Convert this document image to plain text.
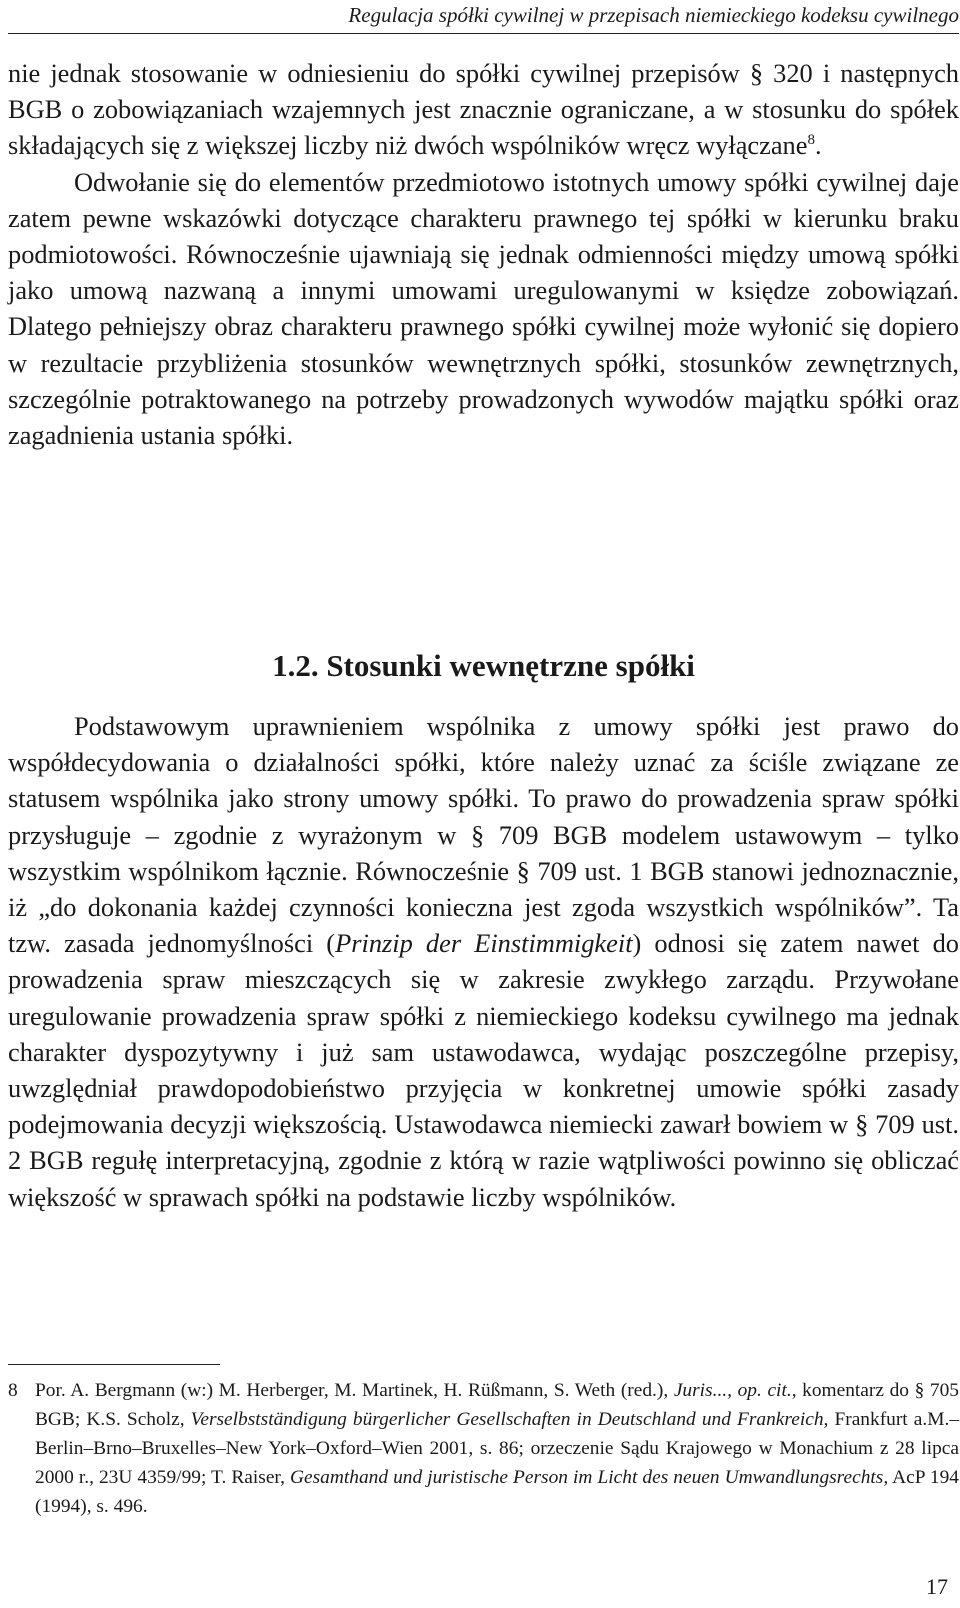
Regulacja spółki cywilnej w przepisach niemieckiego kodeksu cywilnego

nie jednak stosowanie w odniesieniu do spółki cywilnej przepisów § 320 i następnych BGB o zobowiązaniach wzajemnych jest znacznie ograniczane, a w stosunku do spółek składających się z większej liczby niż dwóch wspólników wręcz wyłączane$^8$.
Odwołanie się do elementów przedmiotowo istotnych umowy spółki cywilnej daje zatem pewne wskazówki dotyczące charakteru prawnego tej spółki w kierunku braku podmiotowości. Równocześnie ujawniają się jednak odmienności między umową spółki jako umową nazwaną a innymi umowami uregulowanymi w księdze zobowiązań. Dlatego pełniejszy obraz charakteru prawnego spółki cywilnej może wyłonić się dopiero w rezultacie przybliżenia stosunków wewnętrznych spółki, stosunków zewnętrznych, szczególnie potraktowanego na potrzeby prowadzonych wywodów majątku spółki oraz zagadnienia ustania spółki.

1.2. Stosunki wewnętrzne spółki

Podstawowym uprawnieniem wspólnika z umowy spółki jest prawo do współdecydowania o działalności spółki, które należy uznać za ściśle związane ze statusem wspólnika jako strony umowy spółki. To prawo do prowadzenia spraw spółki przysługuje – zgodnie z wyrażonym w § 709 BGB modelem ustawowym – tylko wszystkim wspólnikom łącznie. Równocześnie § 709 ust. 1 BGB stanowi jednoznacznie, iż „do dokonania każdej czynności konieczna jest zgoda wszystkich wspólników”. Ta tzw. zasada jednomyślności (Prinzip der Einstimmigkeit) odnosi się zatem nawet do prowadzenia spraw mieszczących się w zakresie zwykłego zarządu. Przywołane uregulowanie prowadzenia spraw spółki z niemieckiego kodeksu cywilnego ma jednak charakter dyspozytywny i już sam ustawodawca, wydając poszczególne przepisy, uwzględniał prawdopodobieństwo przyjęcia w konkretnej umowie spółki zasady podejmowania decyzji większością. Ustawodawca niemiecki zawarł bowiem w § 709 ust. 2 BGB regułę interpretacyjną, zgodnie z którą w razie wątpliwości powinno się obliczać większość w sprawach spółki na podstawie liczby wspólników.

8 Por. A. Bergmann (w:) M. Herberger, M. Martinek, H. Rüßmann, S. Weth (red.), Juris..., op. cit., komentarz do § 705 BGB; K.S. Scholz, Verselbstständigung bürgerlicher Gesellschaften in Deutschland und Frankreich, Frankfurt a.M.–Berlin–Brno–Bruxelles–New York–Oxford–Wien 2001, s. 86; orzeczenie Sądu Krajowego w Monachium z 28 lipca 2000 r., 23U 4359/99; T. Raiser, Gesamthand und juristische Person im Licht des neuen Umwandlungsrechts, AcP 194 (1994), s. 496.
17
